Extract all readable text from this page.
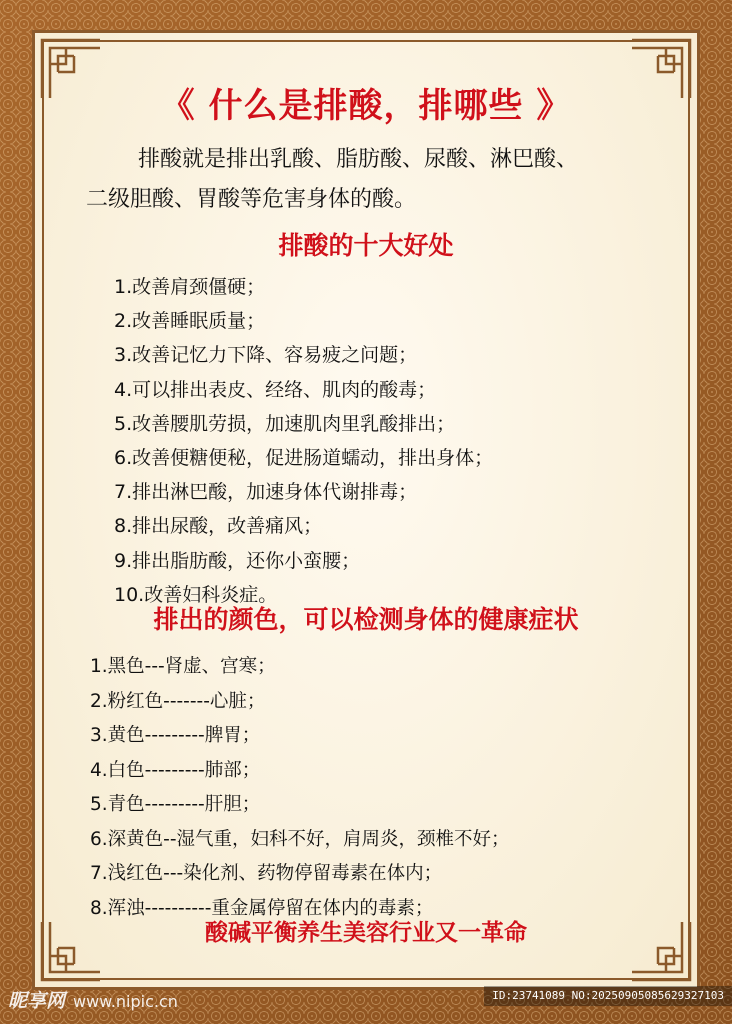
《 什么是排酸，排哪些 》
排酸就是排出乳酸、脂肪酸、尿酸、淋巴酸、
二级胆酸、胃酸等危害身体的酸。
排酸的十大好处
1.改善肩颈僵硬；
2.改善睡眠质量；
3.改善记忆力下降、容易疲之问题；
4.可以排出表皮、经络、肌肉的酸毒；
5.改善腰肌劳损，加速肌肉里乳酸排出；
6.改善便糖便秘，促进肠道蠕动，排出身体；
7.排出淋巴酸，加速身体代谢排毒；
8.排出尿酸，改善痛风；
9.排出脂肪酸，还你小蛮腰；
10.改善妇科炎症。
排出的颜色，可以检测身体的健康症状
1.黑色---肾虚、宫寒；
2.粉红色-------心脏；
3.黄色---------脾胃；
4.白色---------肺部；
5.青色---------肝胆；
6.深黄色--湿气重，妇科不好，肩周炎，颈椎不好；
7.浅红色---染化剂、药物停留毒素在体内；
8.浑浊----------重金属停留在体内的毒素；
酸碱平衡养生美容行业又一革命
昵享网 www.nipic.cn	ID:23741089 NO:20250905085629327103
